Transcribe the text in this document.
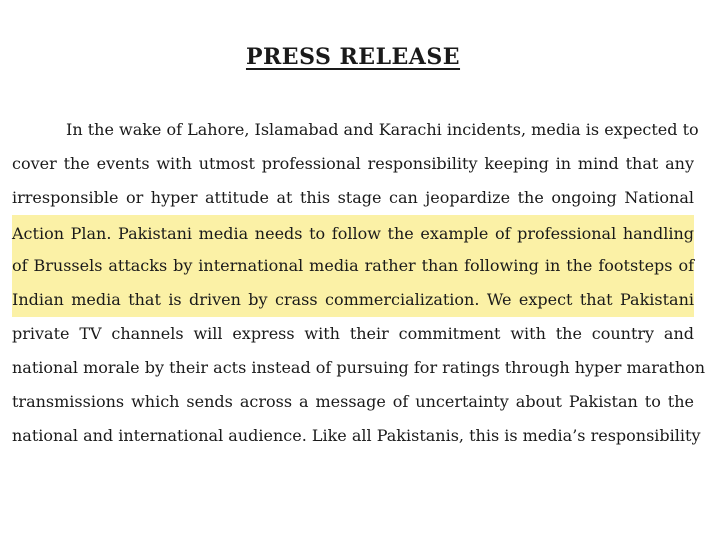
PRESS RELEASE
In the wake of Lahore, Islamabad and Karachi incidents, media is expected to
cover the events with utmost professional responsibility keeping in mind that any
irresponsible or hyper attitude at this stage can jeopardize the ongoing National
Action Plan. Pakistani media needs to follow the example of professional handling
of Brussels attacks by international media rather than following in the footsteps of
Indian media that is driven by crass commercialization. We expect that Pakistani
private TV channels will express with their commitment with the country and
national morale by their acts instead of pursuing for ratings through hyper marathon
transmissions which sends across a message of uncertainty about Pakistan to the
national and international audience. Like all Pakistanis, this is media’s responsibility
